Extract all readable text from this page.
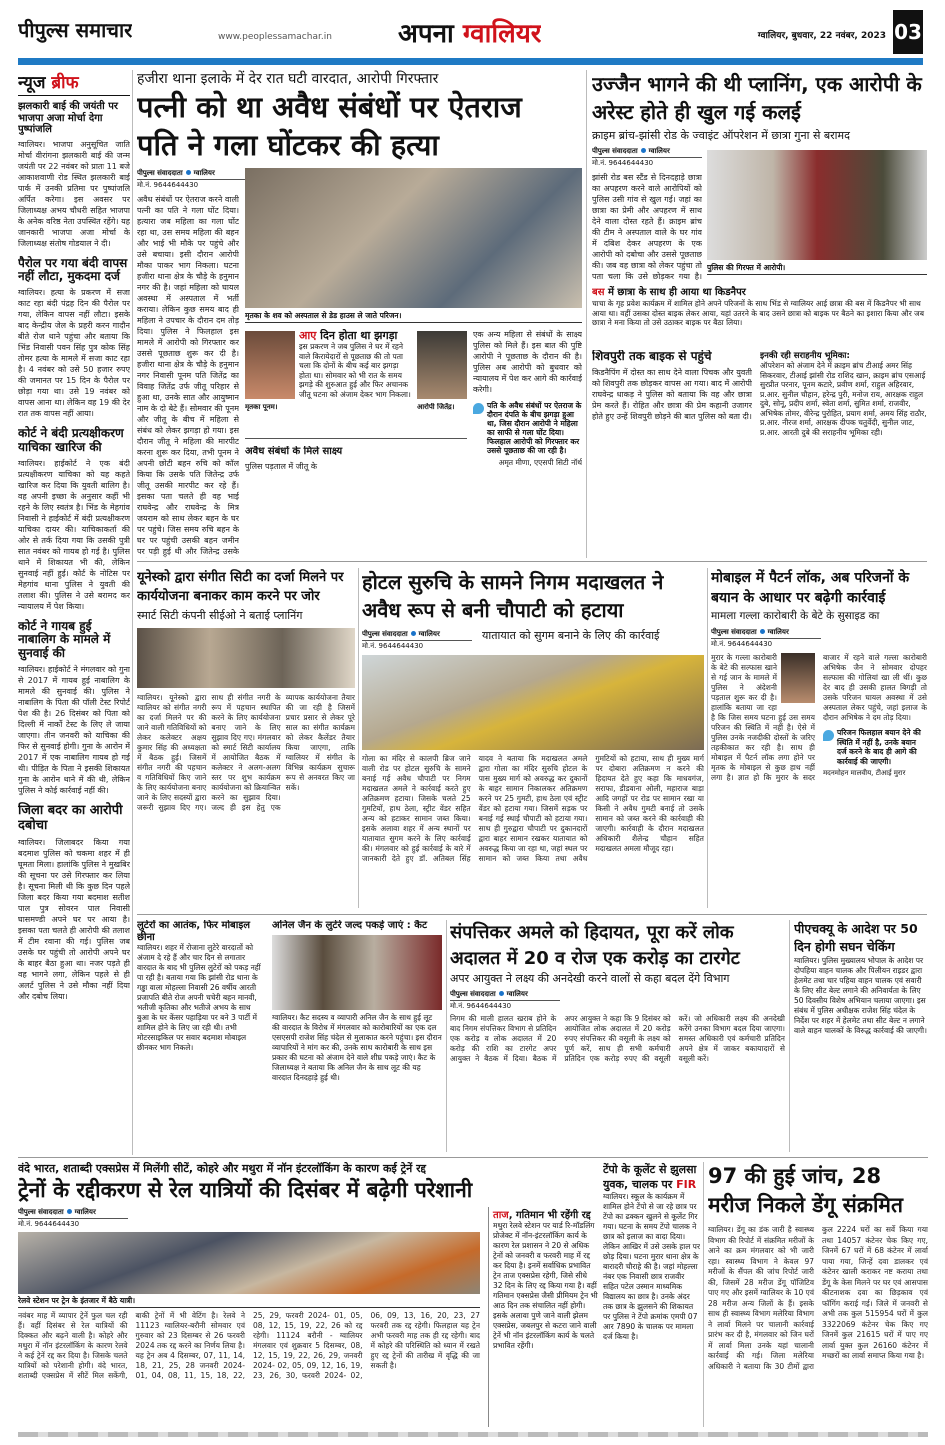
पीपुल्स समाचार	www.peoplessamachar.in	अपना ग्वालियर	ग्वालियर, बुधवार, 22 नवंबर, 2023 03
न्यूज ब्रीफ
झलकारी बाई की जयंती पर भाजपा अजा मोर्चा देगा पुष्पांजलि
ग्वालियर। भाजपा अनुसूचित जाति मोर्चा वीरांगना झलकारी बाई की जन्म जयंती पर 22 नवंबर को प्रातः 11 बजे आकाशवाणी रोड स्थित झलकारी बाई पार्क में उनकी प्रतिमा पर पुष्पांजलि अर्पित करेगा। इस अवसर पर जिलाध्यक्ष अभय चौधरी सहित भाजपा के अनेक वरिष्ठ नेता उपस्थित रहेंगे। यह जानकारी भाजपा अजा मोर्चा के जिलाध्यक्ष संतोष गोडयाल ने दी।
पैरोल पर गया बंदी वापस नहीं लौटा, मुकदमा दर्ज
ग्वालियर। हत्या के प्रकरण में सजा काट रहा बंदी पंद्रह दिन की पैरोल पर गया, लेकिन वापस नहीं लौटा। इसके बाद केन्द्रीय जेल के प्रहरी करन गादौन बीते रोज थाने पहुंचा और बताया कि भिंड निवासी पवन सिंह पुत्र कोक सिंह तोमर हत्या के मामले में सजा काट रहा है। 4 नवंबर को उसे 50 हजार रुपए की जमानत पर 15 दिन के पैरोल पर छोड़ा गया था। उसे 19 नवंबर को वापस आना था। लेकिन वह 19 की देर रात तक वापस नहीं आया।
कोर्ट ने बंदी प्रत्यक्षीकरण याचिका खारिज की
ग्वालियर। हाईकोर्ट ने एक बंदी प्रत्यक्षीकरण याचिका को यह कहते खारिज कर दिया कि युवती बालिग है। वह अपनी इच्छा के अनुसार कहीं भी रहने के लिए स्वतंत्र है। भिंड के मेहगांव निवासी ने हाईकोर्ट में बंदी प्रत्यक्षीकरण याचिका दायर की। याचिकाकर्ता की ओर से तर्क दिया गया कि उसकी पुत्री सात नवंबर को गायब हो गई है। पुलिस थाने में शिकायत भी की, लेकिन सुनवाई नहीं हुई। कोर्ट के नोटिस पर मेहगांव थाना पुलिस ने युवती की तलाश की। पुलिस ने उसे बरामद कर न्यायालय में पेश किया।
कोर्ट ने गायब हुई नाबालिग के मामले में सुनवाई की
ग्वालियर। हाईकोर्ट ने मंगलवार को गुना से 2017 में गायब हुई नाबालिग के मामले की सुनवाई की। पुलिस ने नाबालिग के पिता की पॉली टेस्ट रिपोर्ट पेश की है। 26 दिसंबर को पिता को दिल्ली में नार्को टेस्ट के लिए ले जाया जाएगा। तीन जनवरी को याचिका की फिर से सुनवाई होगी। गुना के आरोन में 2017 में एक नाबालिग गायब हो गई थी। पीड़ित के पिता ने इसकी शिकायत गुना के आरोन थाने में की थी, लेकिन पुलिस ने कोई कार्रवाई नहीं की।
जिला बदर का आरोपी दबोचा
ग्वालियर। जिलाबदर किया गया बदमाश पुलिस को चकमा शहर में ही घूमता मिला। हालांकि पुलिस ने मुखबिर की सूचना पर उसे गिरफ्तार कर लिया है। सूचना मिली थी कि कुछ दिन पहले जिला बदर किया गया बदमाश सतीश पाल पुत्र सोवरन पाल निवासी घासमण्डी अपने घर पर आया है। इसका पता चलते ही आरोपी की तलाश में टीम रवाना की गई। पुलिस जब उसके घर पहुंची तो आरोपी अपने घर के बाहर बैठा हुआ था। नजर पड़ते ही वह भागने लगा, लेकिन पहले से ही अलर्ट पुलिस ने उसे मौका नहीं दिया और दबोच लिया।
हजीरा थाना इलाके में देर रात घटी वारदात, आरोपी गिरफ्तार
पत्नी को था अवैध संबंधों पर ऐतराज
पति ने गला घोंटकर की हत्या
पीपुल्स संवाददाता ग्वालियर
मो.नं. 9644644430
अवैध संबंधों पर ऐतराज करने वाली पत्नी का पति ने गला घोंट दिया। हत्यारा जब महिला का गला घोंट रहा था, उस समय महिला की बहन और भाई भी मौके पर पहुंचे और उसे बचाया। इसी दौरान आरोपी मौका पाकर भाग निकला। घटना हजीरा थाना क्षेत्र के चौड़े के हनुमान नगर की है। जहां महिला को घायल अवस्था में अस्पताल में भर्ती कराया। लेकिन कुछ समय बाद ही महिला ने उपचार के दौरान दम तोड़ दिया। पुलिस ने फिलहाल इस मामले में आरोपी को गिरफ्तार कर उससे पूछताछ शुरू कर दी है। हजीरा थाना क्षेत्र के चौड़े के हनुमान नगर निवासी पूनम पति जितेंद्र का विवाह जितेंद्र उर्फ जीतू परिहार से हुआ था, उनके सात और आयुष्मान नाम के दो बेटे हैं। सोमवार की पूनम और जीतू के बीच में महिला से संबंध को लेकर झगड़ा हो गया। इस दौरान जीतू ने महिला की मारपीट करना शुरू कर दिया, तभी पूनम ने अपनी छोटी बहन रुचि को कॉल किया कि उसके पति जितेन्द्र उर्फ जीतू उसकी मारपीट कर रहे हैं। इसका पता चलते ही वह भाई राघवेन्द्र और राघवेन्द्र के मित्र जयराम को साथ लेकर बहन के घर पर पहुंचे। जिस समय रुचि बहन के घर पर पहुंची उसकी बहन जमीन पर पड़ी हुई थी और जितेन्द्र उसके
मृतका के शव को अस्पताल से डेड हाउस ले जाते परिजन।
मृतका पूनम।
आए दिन होता था झगड़ा
इस प्रकरण ने जब पुलिस ने घर में रहने वाले किरायेदारों से पूछताछ की तो पता चला कि दोनों के बीच कई बार झगड़ा होता था। सोमवार को भी रात के समय झगड़े की शुरुआत हुई और फिर अचानक जीतू घटना को अंजाम देकर भाग निकला।
आरोपी जितेंद्र।
अवैध संबंधों के मिले साक्ष्य
पुलिस पड़ताल में जीतू के
एक अन्य महिला से संबंधों के साक्ष्य पुलिस को मिले हैं। इस बात की पुष्टि आरोपी ने पूछताछ के दौरान की है। पुलिस अब आरोपी को बुधवार को न्यायालय में पेश कर आगे की कार्रवाई करेगी।
पति के अवैध संबंधों पर ऐतराज के दौरान दंपति के बीच झगड़ा हुआ था, जिस दौरान आरोपी ने महिला का साफी से गला घोंट दिया। फिलहाल आरोपी को गिरफ्तार कर उससे पूछताछ की जा रही है।
अमृत मीणा, एएसपी सिटी नॉर्थ
उज्जैन भागने की थी प्लानिंग, एक आरोपी के अरेस्ट होते ही खुल गई कलई
क्राइम ब्रांच-झांसी रोड के ज्वाइंट ऑपरेशन में छात्रा गुना से बरामद
पीपुल्स संवाददाता ग्वालियर
मो.नं. 9644644430
झांसी रोड बस स्टैंड से दिनदहाड़े छात्रा का अपहरण करने वाले आरोपियों को पुलिस उसी गांव से खुल गई। जहां का छात्रा का प्रेमी और अपहरण में साथ देने वाला दोस्त रहते हैं। क्राइम ब्रांच की टीम ने अस्पताल वाले के घर गांव में दबिश देकर अपहरण के एक आरोपी को दबोचा और उससे पूछताछ की। जब वह छात्रा को लेकर पहुंचा तो पता चला कि उसे छोड़कर गया है।
पुलिस की गिरफ्त में आरोपी।
बस में छात्रा के साथ ही आया था किडनैपर
चाचा के गृह प्रवेश कार्यक्रम में शामिल होने अपने परिजनों के साथ भिंड से ग्वालियर आई छात्रा की बस में किडनैपर भी साथ आया था। वहीं उसका दोस्त बाइक लेकर आया, यहां उतरने के बाद उसने छात्रा को बाइक पर बैठने का इशारा किया और जब छात्रा ने मना किया तो उसे उठाकर बाइक पर बैठा लिया।
शिवपुरी तक बाइक से पहुंचे
किडनैपिंग में दोस्त का साथ देने वाला पिचक और युवती को शिवपुरी तक छोड़कर वापस आ गया। बाद में आरोपी राघवेन्द्र धाकड़ ने पुलिस को बताया कि वह और छात्रा प्रेम करते हैं। रोहित और छात्रा की प्रेम कहानी उजागर होते हुए उन्हें शिवपुरी छोड़ने की बात पुलिस को बता दी।
इनकी रही सराहनीय भूमिका:
ऑपरेशन को अंजाम देने में क्राइम ब्रांच टीआई अमर सिंह सिकरवार, टीआई झांसी रोड राशिद खान, क्राइम ब्रांच एसआई सुरप्रीत परनार, पूनम कटारे, प्रवीण शर्मा, राहुल अहिरवार, प्र.आर. सुनील चौहान, हरेन्द्र पुरी, मनोज राय, आरक्षक राहुल दुबे, सोनू, प्रदीप शर्मा, स्वेता शर्मा, सुमित शर्मा, राजवीर, अभिषेक तोमर, वीरेन्द्र पुरोहित, प्रयाग शर्मा, अमय सिंह राठौर, प्र.आर. नीरज शर्मा, आरक्षक दीपक चतुर्वेदी, सुनील जाट, प्र.आर. आरती दुबे की सराहनीय भूमिका रही।
यूनेस्को द्वारा संगीत सिटी का दर्जा मिलने पर कार्ययोजना बनाकर काम करने पर जोर
स्मार्ट सिटी कंपनी सीईओ ने बताई प्लानिंग
ग्वालियर। यूनेस्को द्वारा ग्वालियर को संगीत नगरी का दर्जा मिलने पर की जाने वाली गतिविधियों को लेकर कलेक्टर अक्षय कुमार सिंह की अध्यक्षता में बैठक हुई। जिसमें संगीत नगरी की पहचान व गतिविधियों किए जाने के लिए कार्ययोजना बनाए जाने के लिए सदस्यों द्वारा जरूरी सुझाव दिए गए। साथ ही संगीत नगरी के रूप में पहचान स्थापित करने के लिए कार्ययोजना बनाए जाने के लिए सुझाव दिए गए। मंगलवार को स्मार्ट सिटी कार्यालय में आयोजित बैठक में कलेक्टर ने अलग-अलग स्तर पर शुभ कार्यक्रम कार्ययोजना को क्रियान्वित करने का सुझाव दिया। जल्द ही इस हेतु एक व्यापक कार्ययोजना तैयार की जा रही है जिसमें प्रचार प्रसार से लेकर पूरे साल का संगीत कार्यक्रम को लेकर कैलेंडर तैयार किया जाएगा, ताकि ग्वालियर में संगीत के विभिन्न कार्यक्रम सुचारू रूप से अनवरत किए जा सकें।
होटल सुरुचि के सामने निगम मदाखलत ने अवैध रूप से बनी चौपाटी को हटाया
पीपुल्स संवाददाता ग्वालियर
मो.नं. 9644644430
यातायात को सुगम बनाने के लिए की कार्रवाई
गोला का मंदिर से कालपी ब्रिज जाने वाली रोड पर होटल सुरुचि के सामने बनाई गई अवैध चौपाटी पर निगम मदाखलत अमले ने कार्रवाई करते हुए अतिक्रमण हटाया। जिसके चलते 25 गुमटियों, हाथ ठेला, स्ट्रीट वेंडर सहित अन्य को हटाकर सामान जब्त किया। इसके अलावा शहर में अन्य स्थानों पर यातायात सुगम करने के लिए कार्रवाई की। मंगलवार को हुई कार्रवाई के बारे में जानकारी देते हुए डॉ. अतिबल सिंह यादव ने बताया कि मदाखलत अमले द्वारा गोला का मंदिर सुरुचि होटल के पास मुख्य मार्ग को अवरुद्ध कर दुकानों के बाहर सामान निकालकर अतिक्रमण करने पर 25 गुमटी, हाथ ठेला एवं स्ट्रीट वेंडर को हटाया गया। जिसमें सड़क पर बनाई गई स्थाई चौपाटी को हटाया गया। साथ ही गुरुद्वारा चौपाटी पर दुकानदारों द्वारा बाहर सामान रखकर यातायात को अवरुद्ध किया जा रहा था, जहां स्थल पर सामान को जब्त किया तथा अवैध गुमटियों को हटाया, साथ ही मुख्य मार्ग पर दोबारा अतिक्रमण न करने की हिदायत देते हुए कहा कि माधवगंज, सराफा, डीडवाना ओली, महाराज बाड़ा आदि जगहों पर रोड पर सामान रखा या किसी ने अवैध गुमटी बनाई तो उसके सामान को जब्त करने की कार्रवाही की जाएगी। कार्रवाही के दौरान मदाखलत अधिकारी शैलेन्द्र चौहान सहित मदाखलत अमला मौजूद रहा।
मोबाइल में पैटर्न लॉक, अब परिजनों के बयान के आधार पर बढ़ेगी कार्रवाई
मामला गल्ला कारोबारी के बेटे के सुसाइड का
पीपुल्स संवाददाता ग्वालियर
मो.नं. 9644644430
मुरार के गल्ला कारोबारी के बेटे की सल्फास खाने से गई जान के मामले में पुलिस ने अंदेशनी पड़ताल शुरू कर दी है। हालांकि बताया जा रहा है कि जिस समय घटना हुई उस समय परिजन की स्थिति में नहीं है। ऐसे में पुलिस उनके नजदीकी दोस्तों के जरिए तहकीकात कर रही है। साथ ही मोबाइल में पैटर्न लॉक लगा होने पर मृतक के मोबाइल से कुछ हाथ नहीं लगा है। ज्ञात हो कि मुरार के सदर बाजार में रहने वाले गल्ला कारोबारी अभिषेक जैन ने सोमवार दोपहर सल्फास की गोलियां खा ली थीं। कुछ देर बाद ही उसकी हालत बिगड़ी तो उसके परिजन घायल अवस्था में उसे अस्पताल लेकर पहुंचे, जहां इलाज के दौरान अभिषेक ने दम तोड़ दिया।
परिजन फिलहाल बयान देने की स्थिति में नहीं है, उनके बयान दर्ज करने के बाद ही आगे की कार्रवाई की जाएगी।
मदनमोहन मालवीय, टीआई मुरार
लुटेरों का आतंक, फिर मोबाइल छीना
ग्वालियर। शहर में रोजाना लुटेरे वारदातों को अंजाम दे रहे हैं और चार दिन से लगातार वारदात के बाद भी पुलिस लुटेरों को पकड़ नहीं पा रही है। बताया गया कि झांसी रोड थाना के गड्ढा वाला मोहल्ला निवासी 26 वर्षीय आरती प्रजापति बीते रोज अपनी चचेरी बहन मानवी, भतीजी कृतिका और भतीजे अभय के साथ बुआ के घर केंसर पहाड़िया पर बने 3 पार्टी में शामिल होने के लिए जा रही थी। तभी मोटरसाइकिल पर सवार बदमाश मोबाइल छीनकर भाग निकले।
अनिल जैन के लुटेरे जल्द पकड़े जाएं : कैट
ग्वालियर। कैट सदस्य व व्यापारी अनिल जैन के साथ हुई लूट की वारदात के विरोध में मंगलवार को कारोबारियों का एक दल एसएसपी राजेश सिंह चंदेल से मुलाकात करने पहुंचा। इस दौरान व्यापारियों ने मांग कर की, उनके साथ कारोबारी के साथ इस प्रकार की घटना को अंजाम देने वाले शीघ्र पकड़े जाएं। कैट के जिलाध्यक्ष ने बताया कि अनिल जैन के साथ लूट की यह वारदात दिनदहाड़े हुई थी।
संपत्तिकर अमले को हिदायत, पूरा करें लोक अदालत में 20 व रोज एक करोड़ का टारगेट
अपर आयुक्त ने लक्ष्य की अनदेखी करने वालों से कहा बदल देंगे विभाग
पीपुल्स संवाददाता ग्वालियर
मो.नं. 9644644430
निगम की माली हालत खराब होने के बाद निगम संपत्तिकर विभाग से प्रतिदिन एक करोड़ व लोक अदालत में 20 करोड़ की राशि का टारगेट अपर आयुक्त ने बैठक में दिया। बैठक में अपर आयुक्त ने कहा कि 9 दिसंबर को आयोजित लोक अदालत में 20 करोड़ रुपए संपत्तिकर की वसूली के लक्ष्य को पूर्ण करें, साथ ही सभी कर्मचारी प्रतिदिन एक करोड़ रुपए की वसूली करें। जो अधिकारी लक्ष्य की अनदेखी करेंगे उनका विभाग बदल दिया जाएगा। समस्त अधिकारी एवं कर्मचारी प्रतिदिन अपने क्षेत्र में जाकर बकायादारों से वसूली करें।
पीएचक्यू के आदेश पर 50 दिन होगी सघन चेकिंग
ग्वालियर। पुलिस मुख्यालय भोपाल के आदेश पर दोपहिया वाहन चालक और पिलीयन राइडर द्वारा हेलमेट तथा चार पहिया वाहन चालक एवं सवारी के लिए सीट बेल्ट लगाने की अनिवार्यता के लिए 50 दिवसीय विशेष अभियान चलाया जाएगा। इस संबंध में पुलिस अधीक्षक राजेश सिंह चंदेल के निर्देश पर शहर में हेलमेट तथा सीट बेल्ट न लगाने वाले वाहन चालकों के विरुद्ध कार्रवाई की जाएगी।
वंदे भारत, शताब्दी एक्सप्रेस में मिलेंगी सीटें, कोहरे और मथुरा में नॉन इंटरलॉकिंग के कारण कई ट्रेनें रद्द
ट्रेनों के रद्दीकरण से रेल यात्रियों की दिसंबर में बढ़ेगी परेशानी
पीपुल्स संवाददाता ग्वालियर
मो.नं. 9644644430
रेलवे स्टेशन पर ट्रेन के इंतजार में बैठे यात्री।
नवंबर माह में व्यापार ट्रेनें फुल चल रही हैं। वहीं दिसंबर से रेल यात्रियों की दिक्कत और बढ़ने वाली है। कोहरे और मथुरा में नॉन इंटरलॉकिंग के कारण रेलवे ने कई ट्रेनें रद्द कर दिया है। जिसके चलते यात्रियों को परेशानी होगी। वंदे भारत, शताब्दी एक्सप्रेस में सीटें मिल सकेंगी, बाकी ट्रेनों में भी वेटिंग है। रेलवे ने 11123 ग्वालियर-बरौनी सोमवार एवं गुरुवार को 23 दिसम्बर से 26 फरवरी 2024 तक रद्द करने का निर्णय लिया है। यह ट्रेन अब 4 दिसम्बर, 07, 11, 14, 18, 21, 25, 28 जनवरी 2024- 01, 04, 08, 11, 15, 18, 22, 25, 29, फरवरी 2024- 01, 05, 08, 12, 15, 19, 22, 26 को रद्द रहेगी। 11124 बरौनी - ग्वालियर मंगलवार एवं शुक्रवार 5 दिसम्बर, 08, 12, 15, 19, 22, 26, 29, जनवरी 2024- 02, 05, 09, 12, 16, 19, 23, 26, 30, फरवरी 2024- 02, 06, 09, 13, 16, 20, 23, 27 फरवरी तक रद्द रहेगी। फिलहाल यह ट्रेन अभी फरवरी माह तक ही रद्द रहेगी। बाद में कोहरे की परिस्थिति को ध्यान में रखते हुए रद्द ट्रेनों की तारीख में वृद्धि की जा सकती है।
ताज, गतिमान भी रहेंगी रद्द
मथुरा रेलवे स्टेशन पर यार्ड रि-मॉडलिंग प्रोजेक्ट में नॉन-इंटरलॉकिंग कार्य के कारण रेल प्रशासन ने 20 से अधिक ट्रेनों को जनवरी व फरवरी माह में रद्द कर दिया है। इनमें सर्वाधिक प्रभावित ट्रेन ताज एक्सप्रेस रहेगी, जिसे सीधे 32 दिन के लिए रद्द किया गया है। वहीं गतिमान एक्सप्रेस जैसी प्रीमियम ट्रेन भी आठ दिन तक संचालित नहीं होगी। इसके अलावा पुणे जाने वाली झेलम एक्सप्रेस, जबलपुर से कटरा जाने वाली ट्रेनें भी नॉन इंटरलॉकिंग कार्य के चलते प्रभावित रहेंगी।
टेंपो के कूलेंट से झुलसा युवक, चालक पर FIR
ग्वालियर। स्कूल के कार्यक्रम में शामिल होने टेंपो से जा रहे छात्र पर टेंपो का ढक्कन खुलने से कूलेंट गिर गया। घटना के समय टेंपो चालक ने छात्र को इलाज का वादा दिया। लेकिन आखिर में उसे उसके हाल पर छोड़ दिया। घटना मुरार थाना क्षेत्र के बारादरी चौराहे की है। जहां मोहल्ला नंबर एक निवासी छात्र राजवीर सहित पटेल उस्मान माध्यमिक विद्यालय का छात्र है। उनके अंदर तक छात्र के झुलसने की शिकायत पर पुलिस ने टेंपो क्रमांक एमपी 07 आर 7890 के चालक पर मामला दर्ज किया है।
97 की हुई जांच, 28 मरीज निकले डेंगू संक्रमित
ग्वालियर। डेंगू का डंक जारी है स्वास्थ्य विभाग की रिपोर्ट में संक्रमित मरीजों के आने का क्रम मंगलवार को भी जारी रहा। स्वास्थ्य विभाग ने केवल 97 मरीजों के सैंपल की जांच रिपोर्ट जारी की, जिसमें 28 मरीज डेंगू पॉजिटिव पाए गए और इसमें ग्वालियर के 10 एवं 28 मरीज अन्य जिलों के हैं। इसके साथ ही स्वास्थ्य विभाग मलेरिया विभाग ने लार्वा मिलने पर चालानी कार्रवाई प्रारंभ कर दी है, मंगलवार को जिन घरों में लार्वा मिला उनके यहां चालानी कार्रवाई की गई। जिला मलेरिया अधिकारी ने बताया कि 30 टीमों द्वारा कुल 2224 घरों का सर्वे किया गया तथा 14057 कंटेनर चेक किए गए, जिनमें 67 घरों में 68 कंटेनर में लार्वा पाया गया, जिन्हें दवा डालकर एवं कंटेनर खाली कराकर नष्ट कराया तथा डेंगू के केस मिलने पर घर एवं आसपास कीटनाशक दवा का छिड़काव एवं फॉगिंग कराई गई। जिले में जनवरी से अभी तक कुल 515954 घरों में कुल 3322069 कंटेनर चेक किए गए जिनमें कुल 21615 घरों में पाए गए लार्वा युक्त कुल 26160 कंटेनर में मच्छरों का लार्वा समाप्त किया गया है।
